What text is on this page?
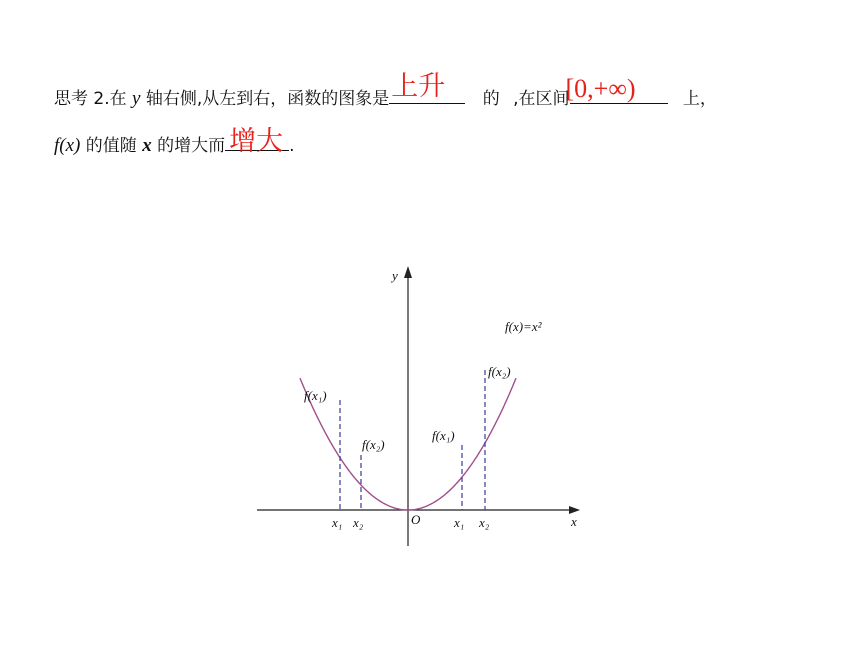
思考 2.在 y 轴右侧,从左到右，函数的图象是 上升 的 ,在区间
[0,+∞)	上，
f(x) 的值随 x 的增大而 增大 .
x
y
O
f(x)=x²
f(x₁)
f(x₂)
f(x₁)
f(x₂)
x₁ x₂	x₁ x₂
